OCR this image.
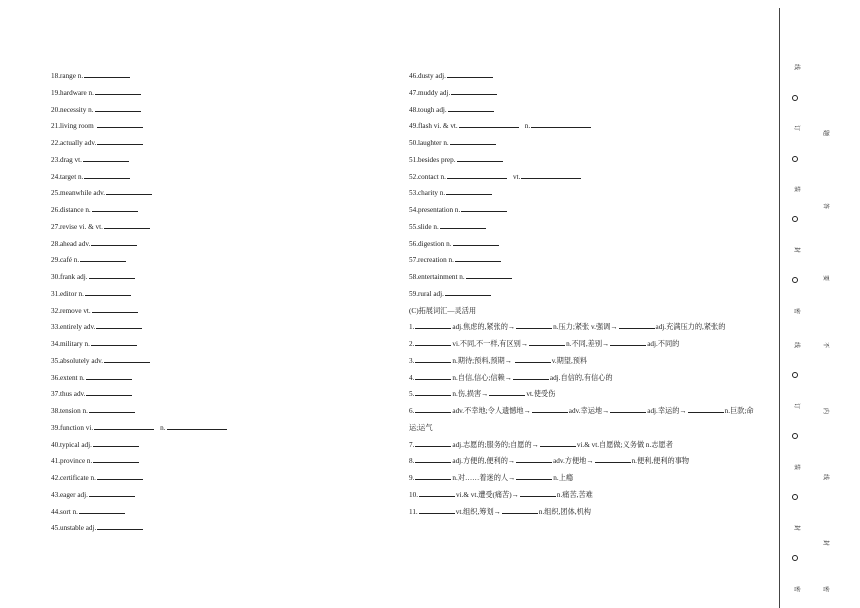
18.range n.
19.hardware n.
20.necessity n.
21.living room
22.actually adv.
23.drag vt.
24.target n.
25.meanwhile adv.
26.distance n.
27.revise vi. & vt.
28.ahead adv.
29.café n.
30.frank adj.
31.editor n.
32.remove vt.
33.entirely adv.
34.military n.
35.absolutely adv.
36.extent n.
37.thus adv.
38.tension n.
39.function vi.	n.
40.typical adj.
41.province n.
42.certificate n.
43.eager adj.
44.sort n.
45.unstable adj.
46.dusty adj.
47.muddy adj.
48.tough adj.
49.flash vi. & vt.	n.
50.laughter n.
51.besides prep.
52.contact n.	vt.
53.charity n.
54.presentation n.
55.slide n.
56.digestion n.
57.recreation n.
58.entertainment n.
59.rural adj.
(C)拓展词汇—灵活用
1.	adj.焦虑的,紧张的→	n.压力;紧张 v.强调→	adj.充满压力的,紧张的
2.	vi.不同,不一样,有区别→	n.不同,差别→	adj.不同的
3.	n.期待;预料,预期→	v.期望,预料
4.	n.自信,信心;信赖→	adj.自信的,有信心的
5.	n.伤,损害→	vt.使受伤
6.	adv.不幸地;令人遗憾地→	adv.幸运地→	adj.幸运的→	n.巨款;命运;运气
7.	adj.志愿的;服务的;自愿的→	vi.& vt.自愿做;义务做 n.志愿者
8.	adj.方便的,便利的→	adv.方便地→	n.便利,便利的事物
9.	n.对……着迷的人→	n.上瘾
10.	vi.& vt.遭受(痛苦)→	n.痛苦,苦难
11.	vt.组织,筹划→	n.组织,团体,机构
线
订
装
封
密
线
订
装
封
密
题
答
要
不
内
线
封
密
